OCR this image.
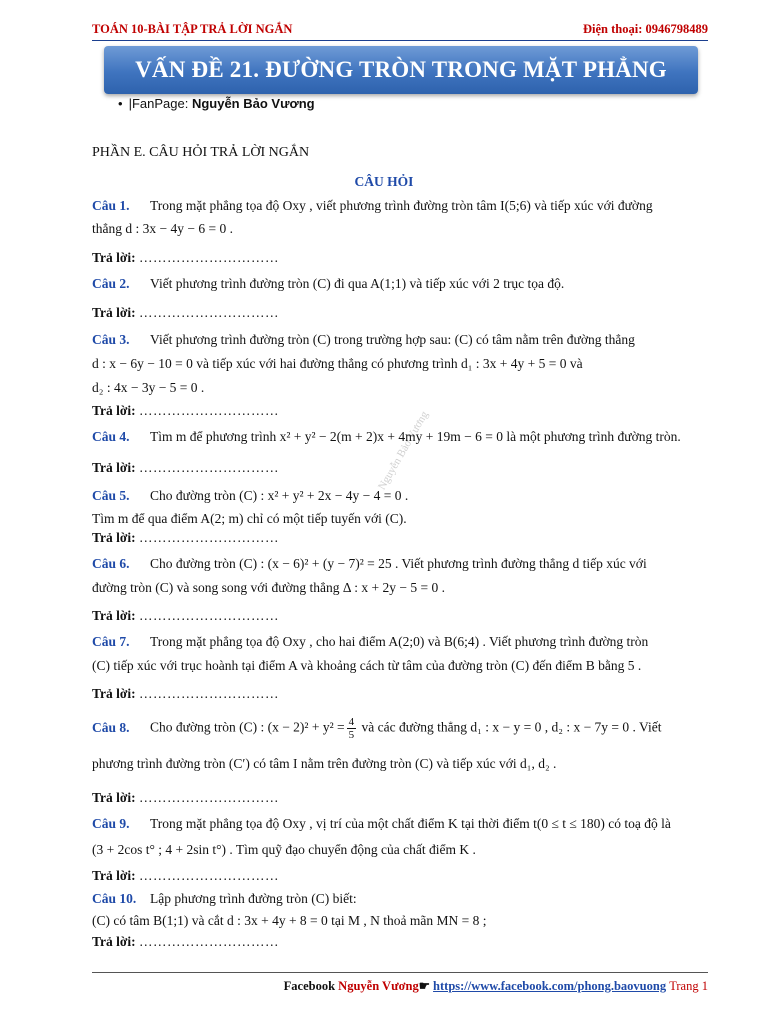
TOÁN 10-BÀI TẬP TRẢ LỜI NGẮN	Điện thoại: 0946798489
VẤN ĐỀ 21. ĐƯỜNG TRÒN TRONG MẶT PHẲNG
• |FanPage: Nguyễn Bảo Vương
PHẦN E. CÂU HỎI TRẢ LỜI NGẮN
CÂU HỎI
Nguyễn Bảo Vương
Câu 1. Trong mặt phẳng tọa độ Oxy , viết phương trình đường tròn tâm I(5;6) và tiếp xúc với đường
thẳng d : 3x − 4y − 6 = 0 .
Trả lời: …………………………
Câu 2. Viết phương trình đường tròn (C) đi qua A(1;1) và tiếp xúc với 2 trục tọa độ.
Trả lời: …………………………
Câu 3. Viết phương trình đường tròn (C) trong trường hợp sau: (C) có tâm nằm trên đường thẳng
d : x − 6y − 10 = 0 và tiếp xúc với hai đường thẳng có phương trình d₁ : 3x + 4y + 5 = 0 và
d₂ : 4x − 3y − 5 = 0 .
Trả lời: …………………………
Câu 4. Tìm m để phương trình x² + y² − 2(m + 2)x + 4my + 19m − 6 = 0 là một phương trình đường tròn.
Trả lời: …………………………
Câu 5. Cho đường tròn (C) : x² + y² + 2x − 4y − 4 = 0 .
Tìm m để qua điểm A(2; m) chỉ có một tiếp tuyến với (C).
Trả lời: …………………………
Câu 6. Cho đường tròn (C) : (x − 6)² + (y − 7)² = 25 . Viết phương trình đường thẳng d tiếp xúc với
đường tròn (C) và song song với đường thẳng Δ : x + 2y − 5 = 0 .
Trả lời: …………………………
Câu 7. Trong mặt phẳng tọa độ Oxy , cho hai điểm A(2;0) và B(6;4) . Viết phương trình đường tròn
(C) tiếp xúc với trục hoành tại điểm A và khoảng cách từ tâm của đường tròn (C) đến điểm B bằng 5 .
Trả lời: …………………………
Câu 8. Cho đường tròn (C) : $(x - 2)^2 + y^2 = \frac{4}{5}$ và các đường thẳng d₁ : x − y = 0 , d₂ : x − 7y = 0 . Viết
phương trình đường tròn (C′) có tâm I nằm trên đường tròn (C) và tiếp xúc với d₁, d₂ .
Trả lời: …………………………
Câu 9. Trong mặt phẳng tọa độ Oxy , vị trí của một chất điểm K tại thời điểm t(0 ≤ t ≤ 180) có toạ độ là
(3 + 2cos t° ; 4 + 2sin t°) . Tìm quỹ đạo chuyển động của chất điểm K .
Trả lời: …………………………
Câu 10. Lập phương trình đường tròn (C) biết:
(C) có tâm B(1;1) và cắt d : 3x + 4y + 8 = 0 tại M , N thoả mãn MN = 8 ;
Trả lời: …………………………
Facebook Nguyễn Vương☛ https://www.facebook.com/phong.baovuong Trang 1
